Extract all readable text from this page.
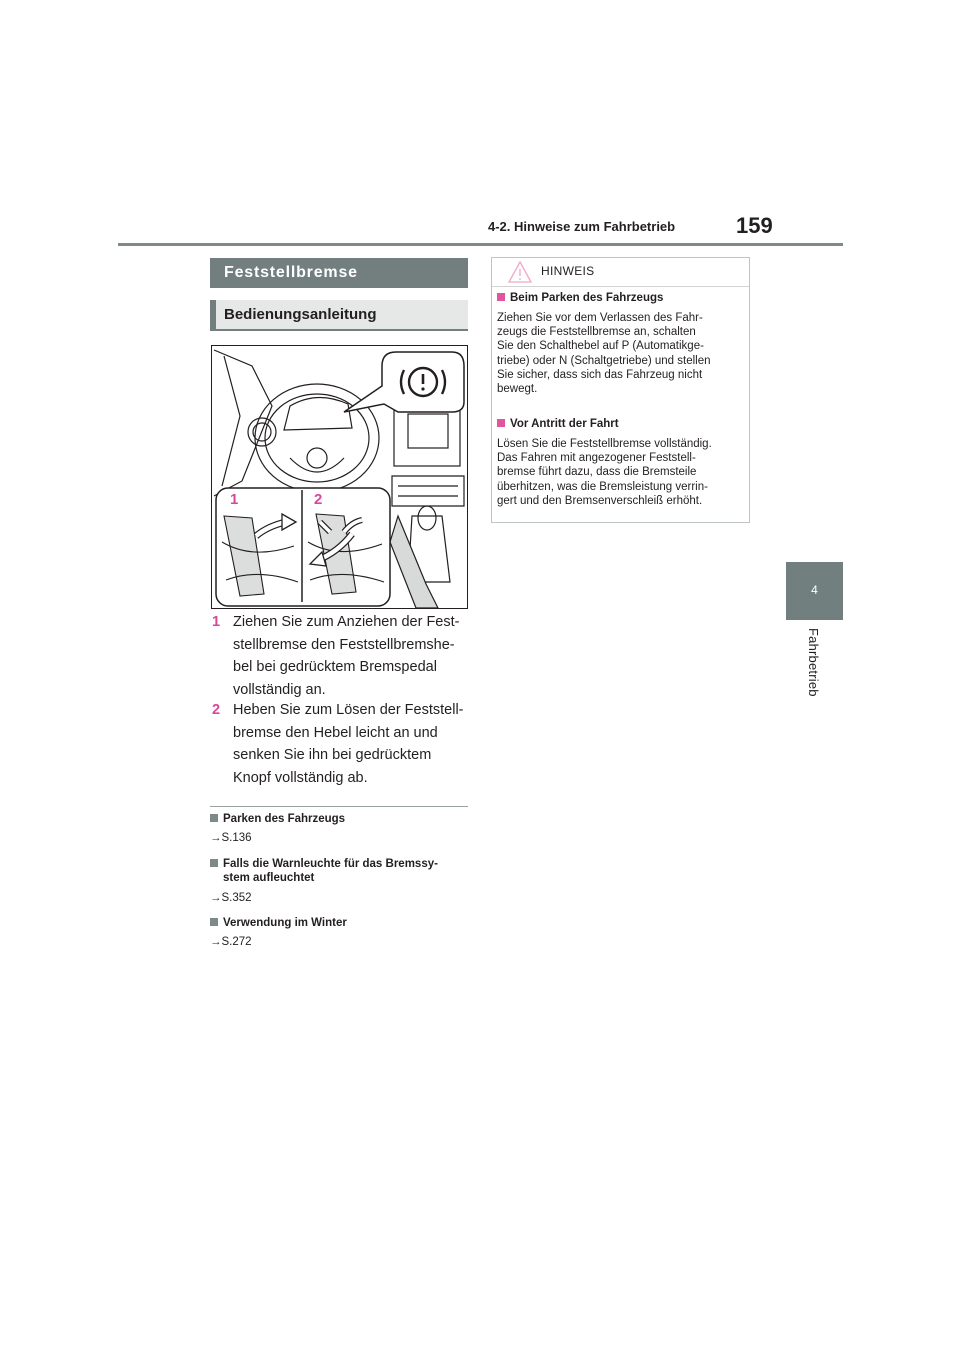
4-2. Hinweise zum Fahrbetrieb	159
4
Fahrbetrieb
Feststellbremse
Bedienungsanleitung
1	2
1 Ziehen Sie zum Anziehen der Fest-
stellbremse den Feststellbremshe-
bel bei gedrücktem Bremspedal
vollständig an.
2 Heben Sie zum Lösen der Feststell-
bremse den Hebel leicht an und
senken Sie ihn bei gedrücktem
Knopf vollständig ab.
Parken des Fahrzeugs
→S.136
Falls die Warnleuchte für das Bremssy-
stem aufleuchtet
→S.352
Verwendung im Winter
→S.272
HINWEIS
Beim Parken des Fahrzeugs
Ziehen Sie vor dem Verlassen des Fahr-
zeugs die Feststellbremse an, schalten
Sie den Schalthebel auf P (Automatikge-
triebe) oder N (Schaltgetriebe) und stellen
Sie sicher, dass sich das Fahrzeug nicht
bewegt.
Vor Antritt der Fahrt
Lösen Sie die Feststellbremse vollständig.
Das Fahren mit angezogener Feststell-
bremse führt dazu, dass die Bremsteile
überhitzen, was die Bremsleistung verrin-
gert und den Bremsenverschleiß erhöht.
